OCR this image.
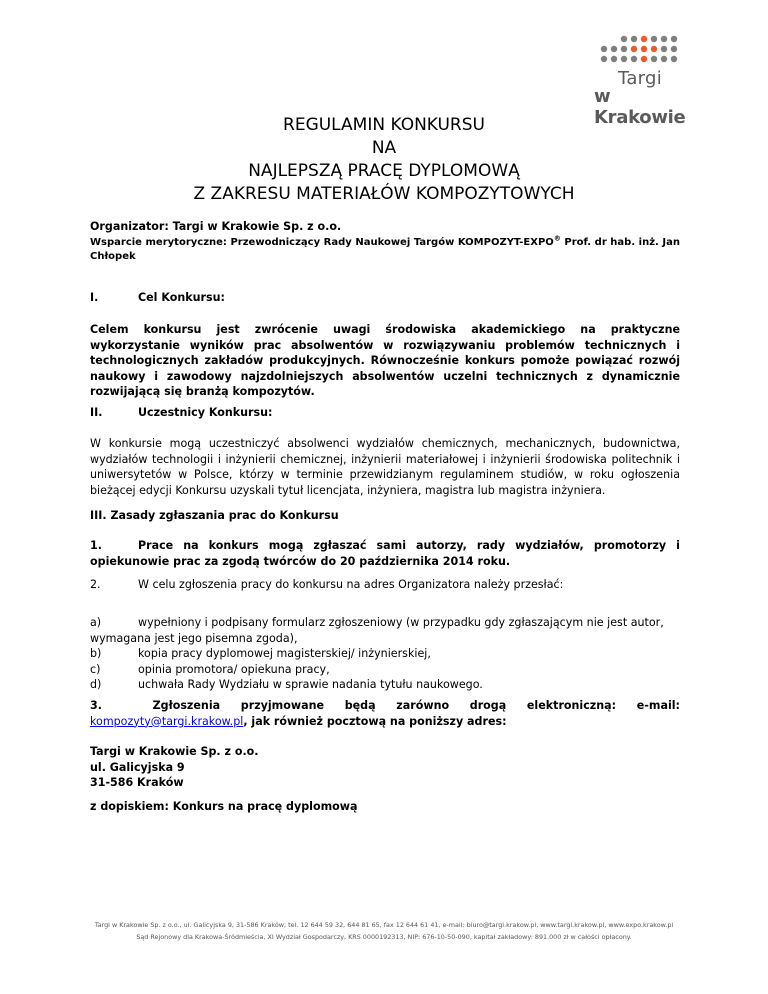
Targi
w Krakowie
REGULAMIN KONKURSU
NA
NAJLEPSZĄ PRACĘ DYPLOMOWĄ
Z ZAKRESU MATERIAŁÓW KOMPOZYTOWYCH
Organizator: Targi w Krakowie Sp. z o.o.
Wsparcie merytoryczne: Przewodniczący Rady Naukowej Targów KOMPOZYT-EXPO® Prof. dr hab. inż. Jan Chłopek
I.	Cel Konkursu:
Celem konkursu jest zwrócenie uwagi środowiska akademickiego na praktyczne wykorzystanie wyników prac absolwentów w rozwiązywaniu problemów technicznych i technologicznych zakładów produkcyjnych. Równocześnie konkurs pomoże powiązać rozwój naukowy i zawodowy najzdolniejszych absolwentów uczelni technicznych z dynamicznie rozwijającą się branżą kompozytów.
II.	Uczestnicy Konkursu:
W konkursie mogą uczestniczyć absolwenci wydziałów chemicznych, mechanicznych, budownictwa, wydziałów technologii i inżynierii chemicznej, inżynierii materiałowej i inżynierii środowiska politechnik i uniwersytetów w Polsce, którzy w terminie przewidzianym regulaminem studiów, w roku ogłoszenia bieżącej edycji Konkursu uzyskali tytuł licencjata, inżyniera, magistra lub magistra inżyniera.
III. Zasady zgłaszania prac do Konkursu
1.	Prace na konkurs mogą zgłaszać sami autorzy, rady wydziałów, promotorzy i opiekunowie prac za zgodą twórców do 20 października 2014 roku.
2.	W celu zgłoszenia pracy do konkursu na adres Organizatora należy przesłać:
a)	wypełniony i podpisany formularz zgłoszeniowy (w przypadku gdy zgłaszającym nie jest autor,
wymagana jest jego pisemna zgoda),
b)	kopia pracy dyplomowej magisterskiej/ inżynierskiej,
c)	opinia promotora/ opiekuna pracy,
d)	uchwała Rady Wydziału w sprawie nadania tytułu naukowego.
3.	Zgłoszenia przyjmowane będą zarówno drogą elektroniczną: e-mail:
kompozyty@targi.krakow.pl, jak również pocztową na poniższy adres:
Targi w Krakowie Sp. z o.o.
ul. Galicyjska 9
31-586 Kraków
z dopiskiem: Konkurs na pracę dyplomową
Targi w Krakowie Sp. z o.o., ul. Galicyjska 9, 31-586 Kraków; tel. 12 644 59 32, 644 81 65, fax 12 644 61 41, e-mail: biuro@targi.krakow.pl, www.targi.krakow.pl, www.expo.krakow.pl
Sąd Rejonowy dla Krakowa-Śródmieścia, XI Wydział Gospodarczy, KRS 0000192313, NIP: 676-10-50-090, kapitał zakładowy: 891.000 zł w całości opłacony.
